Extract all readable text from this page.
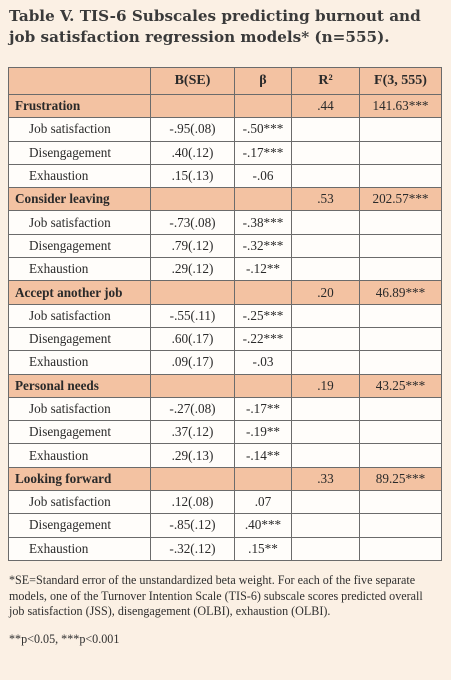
Table V. TIS-6 Subscales predicting burnout and job satisfaction regression models* (n=555).
	B(SE)	β	R²	F(3, 555)
Frustration			.44	141.63***
Job satisfaction	-.95(.08)	-.50***		
Disengagement	.40(.12)	-.17***		
Exhaustion	.15(.13)	-.06		
Consider leaving			.53	202.57***
Job satisfaction	-.73(.08)	-.38***		
Disengagement	.79(.12)	-.32***		
Exhaustion	.29(.12)	-.12**		
Accept another job			.20	46.89***
Job satisfaction	-.55(.11)	-.25***		
Disengagement	.60(.17)	-.22***		
Exhaustion	.09(.17)	-.03		
Personal needs			.19	43.25***
Job satisfaction	-.27(.08)	-.17**		
Disengagement	.37(.12)	-.19**		
Exhaustion	.29(.13)	-.14**		
Looking forward			.33	89.25***
Job satisfaction	.12(.08)	.07		
Disengagement	-.85(.12)	.40***		
Exhaustion	-.32(.12)	.15**		
*SE=Standard error of the unstandardized beta weight. For each of the five separate models, one of the Turnover Intention Scale (TIS-6) subscale scores predicted overall job satisfaction (JSS), disengagement (OLBI), exhaustion (OLBI).
**p<0.05, ***p<0.001
